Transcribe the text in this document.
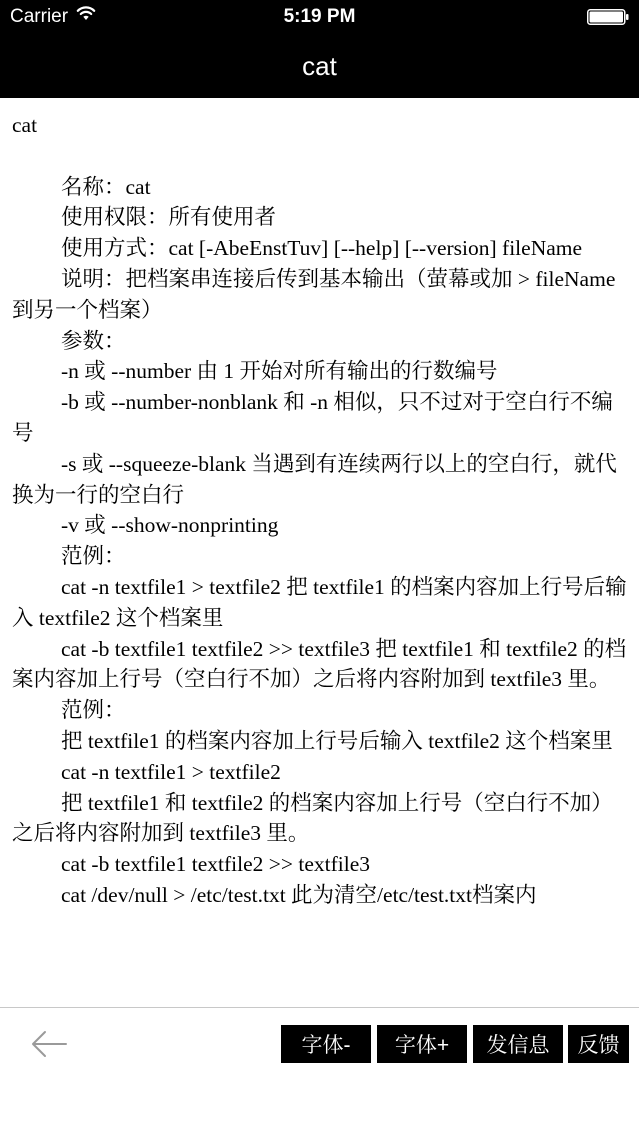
Carrier	5:19 PM
cat

cat

名称：cat

使用权限：所有使用者

使用方式：cat [-AbeEnstTuv] [--help] [--version] fileName

说明：把档案串连接后传到基本输出（萤幕或加 > fileName 到另一个档案）

参数：

-n 或 --number 由 1 开始对所有输出的行数编号

-b 或 --number-nonblank 和 -n 相似，只不过对于空白行不编号

-s 或 --squeeze-blank 当遇到有连续两行以上的空白行，就代换为一行的空白行

-v 或 --show-nonprinting

范例：

cat -n textfile1 > textfile2 把 textfile1 的档案内容加上行号后输入 textfile2 这个档案里

cat -b textfile1 textfile2 >> textfile3 把 textfile1 和 textfile2 的档案内容加上行号（空白行不加）之后将内容附加到 textfile3 里。

范例：

把 textfile1 的档案内容加上行号后输入 textfile2 这个档案里

cat -n textfile1 > textfile2

把 textfile1 和 textfile2 的档案内容加上行号（空白行不加）之后将内容附加到 textfile3 里。

cat -b textfile1 textfile2 >> textfile3

cat /dev/null > /etc/test.txt 此为清空/etc/test.txt档案内

字体-	字体+	发信息	反馈
